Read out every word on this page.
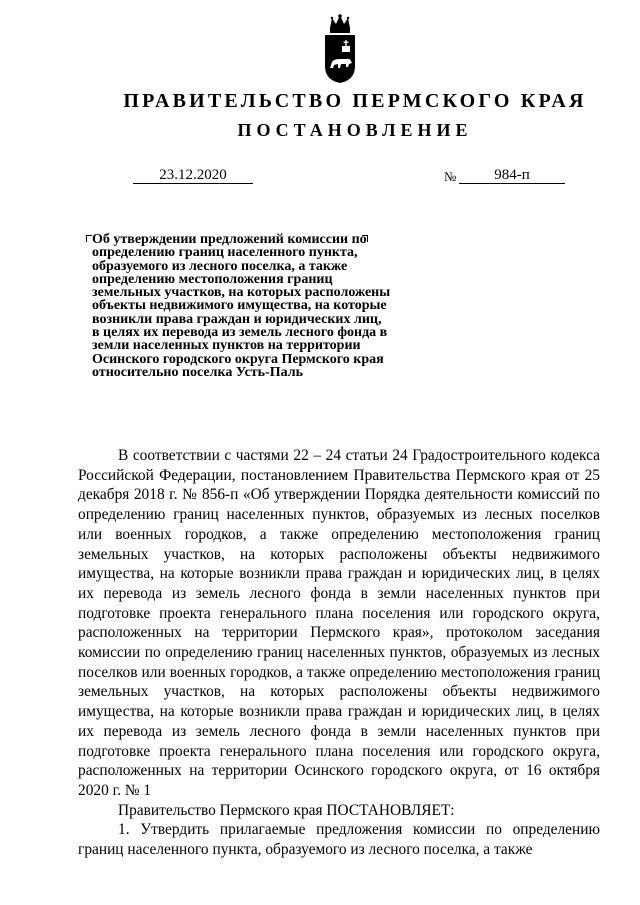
ПРАВИТЕЛЬСТВО ПЕРМСКОГО КРАЯ
ПОСТАНОВЛЕНИЕ
23.12.2020	№	984-п
Об утверждении предложений комиссии по определению границ населенного пункта, образуемого из лесного поселка, а также определению местоположения границ земельных участков, на которых расположены объекты недвижимого имущества, на которые возникли права граждан и юридических лиц, в целях их перевода из земель лесного фонда в земли населенных пунктов на территории Осинского городского округа Пермского края относительно поселка Усть-Паль

В соответствии с частями 22 – 24 статьи 24 Градостроительного кодекса Российской Федерации, постановлением Правительства Пермского края от 25 декабря 2018 г. № 856-п «Об утверждении Порядка деятельности комиссий по определению границ населенных пунктов, образуемых из лесных поселков или военных городков, а также определению местоположения границ земельных участков, на которых расположены объекты недвижимого имущества, на которые возникли права граждан и юридических лиц, в целях их перевода из земель лесного фонда в земли населенных пунктов при подготовке проекта генерального плана поселения или городского округа, расположенных на территории Пермского края», протоколом заседания комиссии по определению границ населенных пунктов, образуемых из лесных поселков или военных городков, а также определению местоположения границ земельных участков, на которых расположены объекты недвижимого имущества, на которые возникли права граждан и юридических лиц, в целях их перевода из земель лесного фонда в земли населенных пунктов при подготовке проекта генерального плана поселения или городского округа, расположенных на территории Осинского городского округа, от 16 октября 2020 г. № 1

Правительство Пермского края ПОСТАНОВЛЯЕТ:

1. Утвердить прилагаемые предложения комиссии по определению границ населенного пункта, образуемого из лесного поселка, а также
